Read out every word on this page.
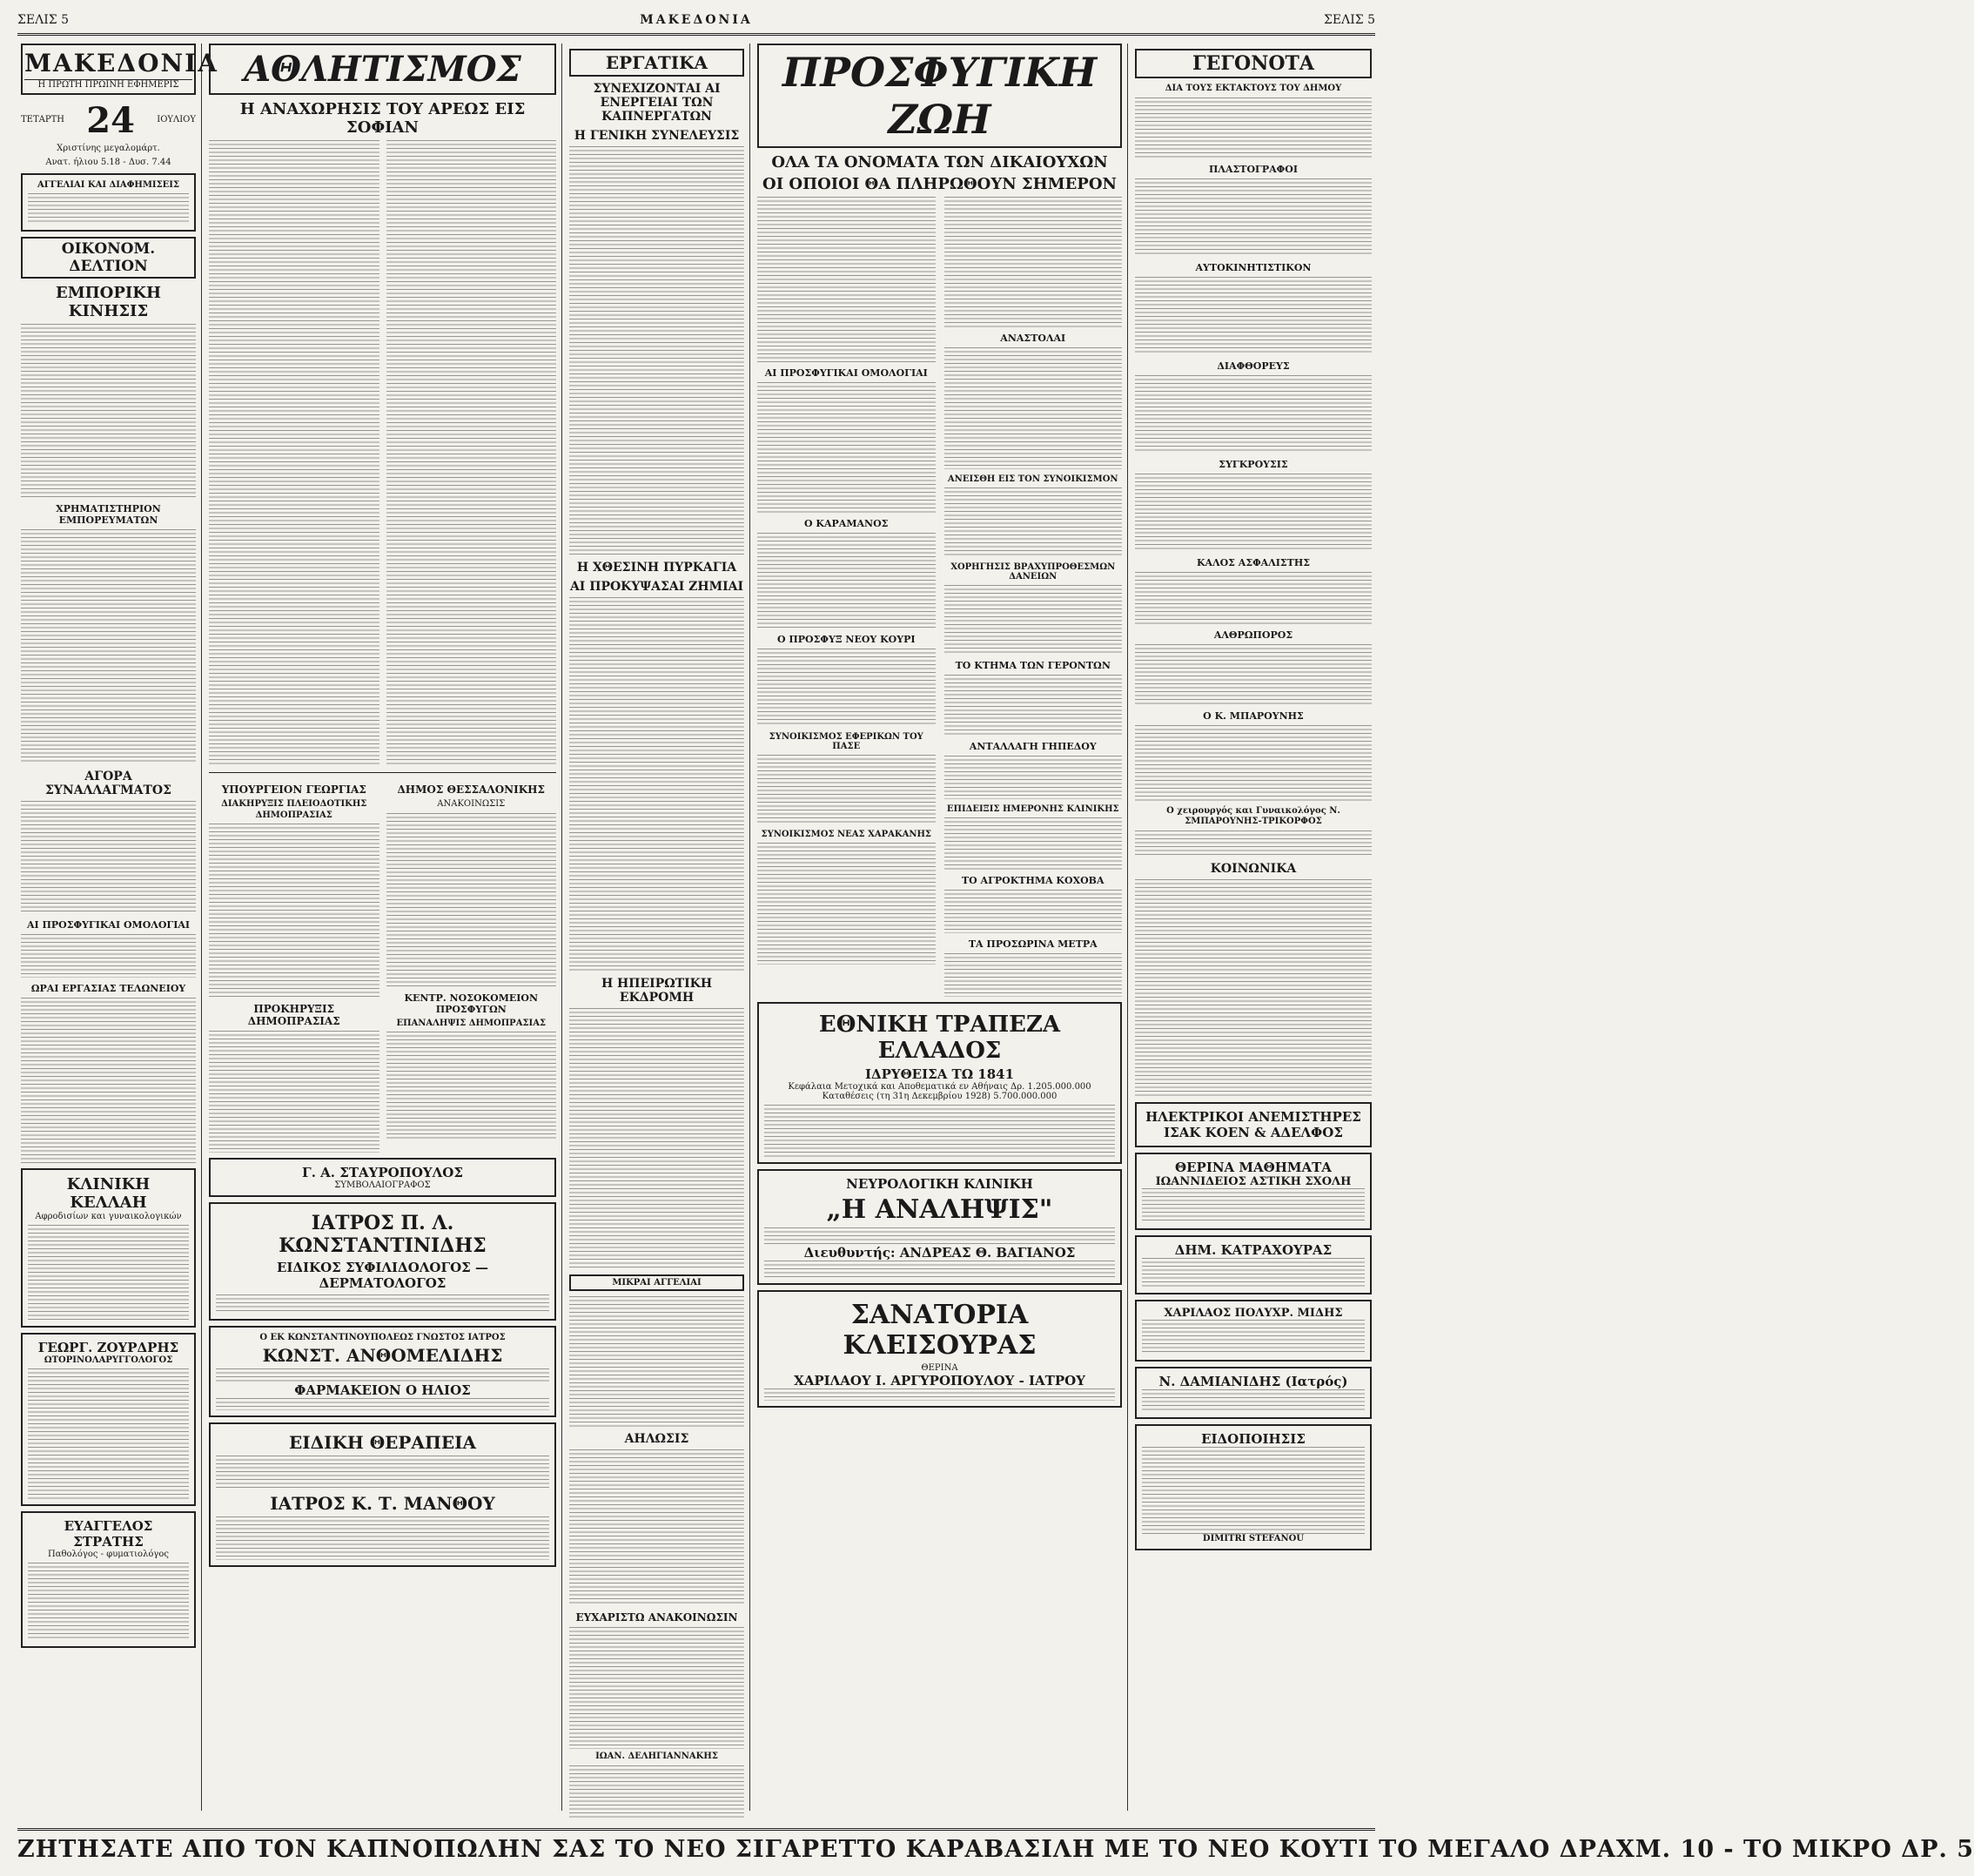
ΣΕΛΙΣ 5	ΜΑΚΕΔΟΝΙΑ	ΣΕΛΙΣ 5
ΜΑΚΕΔΟΝΙΑ
Η ΠΡΩΤΗ ΠΡΩΙΝΗ ΕΦΗΜΕΡΙΣ
ΤΕΤΑΡΤΗ 24	ΙΟΥΛΙΟΥ
Χριστίνης μεγαλομάρτ.
Ανατ. ήλιου 5.18 - Δυσ. 7.44
ΑΓΓΕΛΙΑΙ ΚΑΙ ΔΙΑΦΗΜΙΣΕΙΣ
ΟΙΚΟΝΟΜ. ΔΕΛΤΙΟΝ
ΕΜΠΟΡΙΚΗ ΚΙΝΗΣΙΣ
ΧΡΗΜΑΤΙΣΤΗΡΙΟΝ ΕΜΠΟΡΕΥΜΑΤΩΝ
ΑΓΟΡΑ ΣΥΝΑΛΛΑΓΜΑΤΟΣ
ΑΙ ΠΡΟΣΦΥΓΙΚΑΙ ΟΜΟΛΟΓΙΑΙ
ΩΡΑΙ ΕΡΓΑΣΙΑΣ ΤΕΛΩΝΕΙΟΥ
ΚΛΙΝΙΚΗ ΚΕΛΛΑΗ
Αφροδισίων και γυναικολογικών
ΓΕΩΡΓ. ΖΟΥΡΔΡΗΣ
ΩΤΟΡΙΝΟΛΑΡΥΓΓΟΛΟΓΟΣ
ΕΥΑΓΓΕΛΟΣ ΣΤΡΑΤΗΣ
Παθολόγος - φυματιολόγος
ΑΘΛΗΤΙΣΜΟΣ
Η ΑΝΑΧΩΡΗΣΙΣ ΤΟΥ ΑΡΕΩΣ ΕΙΣ ΣΟΦΙΑΝ
ΥΠΟΥΡΓΕΙΟΝ ΓΕΩΡΓΙΑΣ
ΔΙΑΚΗΡΥΞΙΣ ΠΛΕΙΟΔΟΤΙΚΗΣ ΔΗΜΟΠΡΑΣΙΑΣ
ΠΡΟΚΗΡΥΞΙΣ ΔΗΜΟΠΡΑΣΙΑΣ
ΔΗΜΟΣ ΘΕΣΣΑΛΟΝΙΚΗΣ
ΑΝΑΚΟΙΝΩΣΙΣ
ΚΕΝΤΡ. ΝΟΣΟΚΟΜΕΙΟΝ ΠΡΟΣΦΥΓΩΝ
ΕΠΑΝΑΛΗΨΙΣ ΔΗΜΟΠΡΑΣΙΑΣ
Γ. Α. ΣΤΑΥΡΟΠΟΥΛΟΣ
ΣΥΜΒΟΛΑΙΟΓΡΑΦΟΣ
ΙΑΤΡΟΣ Π. Λ. ΚΩΝΣΤΑΝΤΙΝΙΔΗΣ
ΕΙΔΙΚΟΣ ΣΥΦΙΛΙΔΟΛΟΓΟΣ — ΔΕΡΜΑΤΟΛΟΓΟΣ
Ο ΕΚ ΚΩΝΣΤΑΝΤΙΝΟΥΠΟΛΕΩΣ ΓΝΩΣΤΟΣ ΙΑΤΡΟΣ
ΚΩΝΣΤ. ΑΝΘΟΜΕΛΙΔΗΣ
ΦΑΡΜΑΚΕΙΟΝ Ο ΗΛΙΟΣ
ΕΙΔΙΚΗ ΘΕΡΑΠΕΙΑ
ΙΑΤΡΟΣ Κ. Τ. ΜΑΝΘΟΥ
ΕΡΓΑΤΙΚΑ
ΣΥΝΕΧΙΖΟΝΤΑΙ ΑΙ ΕΝΕΡΓΕΙΑΙ ΤΩΝ ΚΑΠΝΕΡΓΑΤΩΝ
Η ΓΕΝΙΚΗ ΣΥΝΕΛΕΥΣΙΣ
Η ΧΘΕΣΙΝΗ ΠΥΡΚΑΓΙΑ
ΑΙ ΠΡΟΚΥΨΑΣΑΙ ΖΗΜΙΑΙ
Η ΗΠΕΙΡΩΤΙΚΗ ΕΚΔΡΟΜΗ
ΜΙΚΡΑΙ ΑΓΓΕΛΙΑΙ
ΑΗΛΩΣΙΣ
ΕΥΧΑΡΙΣΤΩ ΑΝΑΚΟΙΝΩΣΙΝ
ΙΩΑΝ. ΔΕΛΗΓΙΑΝΝΑΚΗΣ
ΠΡΟΣΦΥΓΙΚΗ ΖΩΗ
ΟΛΑ ΤΑ ΟΝΟΜΑΤΑ ΤΩΝ ΔΙΚΑΙΟΥΧΩΝ
ΟΙ ΟΠΟΙΟΙ ΘΑ ΠΛΗΡΩΘΟΥΝ ΣΗΜΕΡΟΝ
ΑΙ ΠΡΟΣΦΥΓΙΚΑΙ ΟΜΟΛΟΓΙΑΙ
Ο ΚΑΡΑΜΑΝΟΣ
Ο ΠΡΟΣΦΥΞ ΝΕΟΥ ΚΟΥΡΙ
ΣΥΝΟΙΚΙΣΜΟΣ ΕΦΕΡΙΚΩΝ ΤΟΥ ΠΑΣΕ
ΣΥΝΟΙΚΙΣΜΟΣ ΝΕΑΣ ΧΑΡΑΚΑΝΗΣ
ΑΝΑΣΤΟΛΑΙ
ΑΝΕΙΣΘΗ ΕΙΣ ΤΟΝ ΣΥΝΟΙΚΙΣΜΟΝ
ΧΟΡΗΓΗΣΙΣ ΒΡΑΧΥΠΡΟΘΕΣΜΩΝ ΔΑΝΕΙΩΝ
ΤΟ ΚΤΗΜΑ ΤΩΝ ΓΕΡΟΝΤΩΝ
ΑΝΤΑΛΛΑΓΗ ΓΗΠΕΔΟΥ
ΕΠΙΔΕΙΞΙΣ ΗΜΕΡΟΝΗΣ ΚΛΙΝΙΚΗΣ
ΤΟ ΑΓΡΟΚΤΗΜΑ ΚΟΧΟΒΑ
ΤΑ ΠΡΟΣΩΡΙΝΑ ΜΕΤΡΑ
ΕΘΝΙΚΗ ΤΡΑΠΕΖΑ ΕΛΛΑΔΟΣ
ΙΔΡΥΘΕΙΣΑ ΤΩ 1841
Κεφάλαια Μετοχικά και Αποθεματικά εν Αθήναις Δρ. 1.205.000.000
Καταθέσεις (τη 31η Δεκεμβρίου 1928) 5.700.000.000
ΝΕΥΡΟΛΟΓΙΚΗ ΚΛΙΝΙΚΗ
„Η ΑΝΑΛΗΨΙΣ"
Διευθυντής: ΑΝΔΡΕΑΣ Θ. ΒΑΓΙΑΝΟΣ
ΣΑΝΑΤΟΡΙΑ ΚΛΕΙΣΟΥΡΑΣ
ΘΕΡΙΝΑ
ΧΑΡΙΛΑΟΥ Ι. ΑΡΓΥΡΟΠΟΥΛΟΥ - ΙΑΤΡΟΥ
ΓΕΓΟΝΟΤΑ
ΔΙΑ ΤΟΥΣ ΕΚΤΑΚΤΟΥΣ ΤΟΥ ΔΗΜΟΥ
ΠΛΑΣΤΟΓΡΑΦΟΙ
ΑΥΤΟΚΙΝΗΤΙΣΤΙΚΟΝ
ΔΙΑΦΘΟΡΕΥΣ
ΣΥΓΚΡΟΥΣΙΣ
ΚΑΛΟΣ ΑΣΦΑΛΙΣΤΗΣ
ΑΛΘΡΩΠΟΡΟΣ
Ο Κ. ΜΠΑΡΟΥΝΗΣ
Ο χειρουργός και Γυναικολόγος Ν. ΣΜΠΑΡΟΥΝΗΣ-ΤΡΙΚΟΡΦΟΣ
ΚΟΙΝΩΝΙΚΑ
ΗΛΕΚΤΡΙΚΟΙ ΑΝΕΜΙΣΤΗΡΕΣ
ΙΣΑΚ ΚΟΕΝ & ΑΔΕΛΦΟΣ
ΘΕΡΙΝΑ ΜΑΘΗΜΑΤΑ
ΙΩΑΝΝΙΔΕΙΟΣ ΑΣΤΙΚΗ ΣΧΟΛΗ
ΔΗΜ. ΚΑΤΡΑΧΟΥΡΑΣ
ΧΑΡΙΛΑΟΣ ΠΟΛΥΧΡ. ΜΙΔΗΣ
Ν. ΔΑΜΙΑΝΙΔΗΣ (Ιατρός)
ΕΙΔΟΠΟΙΗΣΙΣ
DIMITRI STEFANOU
ΖΗΤΗΣΑΤΕ ΑΠΟ ΤΟΝ ΚΑΠΝΟΠΩΛΗΝ ΣΑΣ ΤΟ ΝΕΟ ΣΙΓΑΡΕΤΤΟ ΚΑΡΑΒΑΣΙΛΗ ΜΕ ΤΟ ΝΕΟ ΚΟΥΤΙ ΤΟ ΜΕΓΑΛΟ ΔΡΑΧΜ. 10 - ΤΟ ΜΙΚΡΟ ΔΡ. 5
